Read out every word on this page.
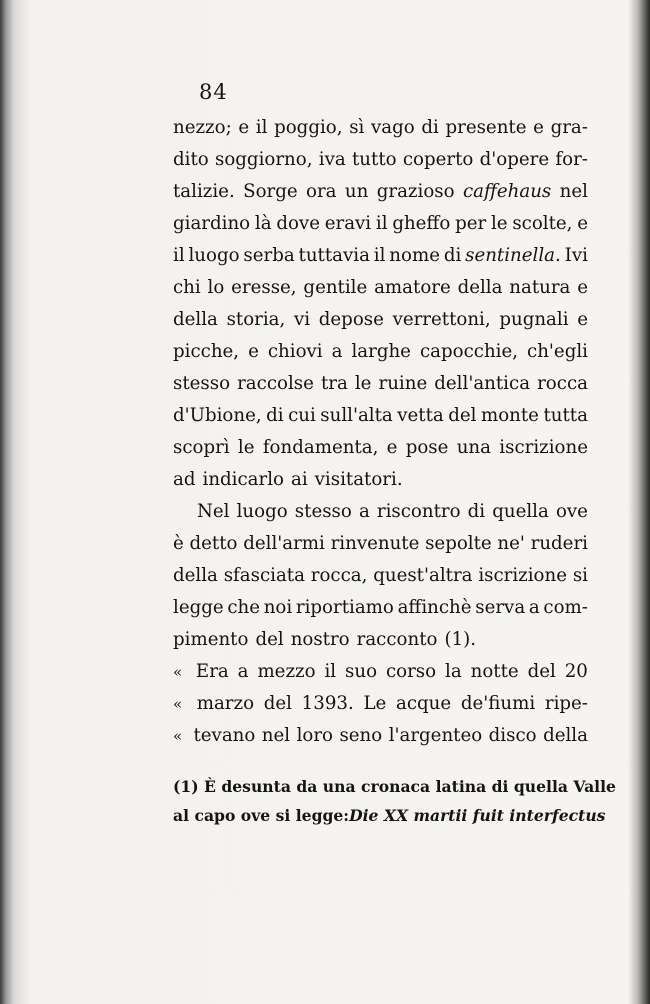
84
nezzo; e il poggio, sì vago di presente e gra-
dito soggiorno, iva tutto coperto d'opere for-
talizie. Sorge ora un grazioso caffehaus nel
giardino là dove eravi il gheffo per le scolte, e
il luogo serba tuttavia il nome di sentinella. Ivi
chi lo eresse, gentile amatore della natura e
della storia, vi depose verrettoni, pugnali e
picche, e chiovi a larghe capocchie, ch'egli
stesso raccolse tra le ruine dell'antica rocca
d'Ubione, di cui sull'alta vetta del monte tutta
scoprì le fondamenta, e pose una iscrizione
ad indicarlo ai visitatori.
Nel luogo stesso a riscontro di quella ove
è detto dell'armi rinvenute sepolte ne' ruderi
della sfasciata rocca, quest'altra iscrizione si
legge che noi riportiamo affinchè serva a com-
pimento del nostro racconto (1).
« Era a mezzo il suo corso la notte del 20
« marzo del 1393. Le acque de'fiumi ripe-
« tevano nel loro seno l'argenteo disco della
(1) È desunta da una cronaca latina di quella Valle
al capo ove si legge: Die XX martii fuit interfectus
